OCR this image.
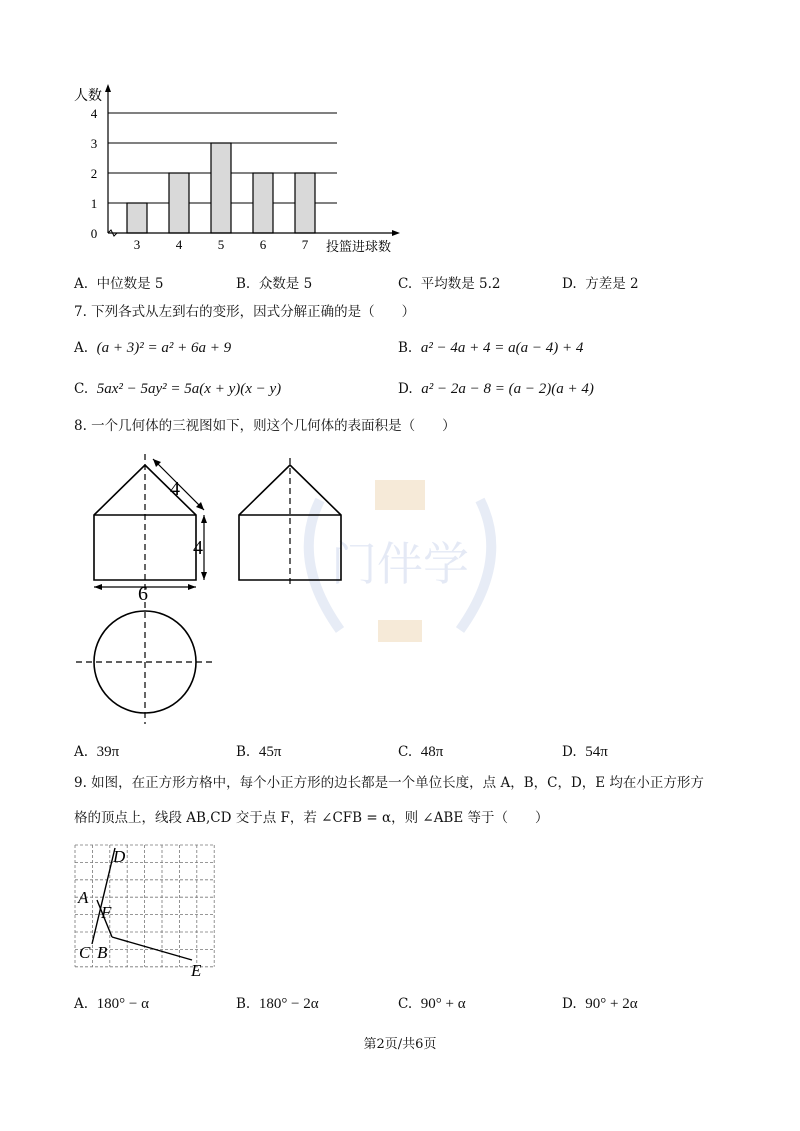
人数
投篮进球数
0
1
2
3
4
3	4	5	6	7
A. 中位数是 5	B. 众数是 5	C. 平均数是 5.2	D. 方差是 2
7. 下列各式从左到右的变形，因式分解正确的是（　　）
A. (a + 3)² = a² + 6a + 9	B. a² − 4a + 4 = a(a − 4) + 4
C. 5ax² − 5ay² = 5a(x + y)(x − y)	D. a² − 2a − 8 = (a − 2)(a + 4)
8. 一个几何体的三视图如下，则这个几何体的表面积是（　　）
门伴学
4
4
6
A. 39π	B. 45π	C. 48π	D. 54π
9. 如图，在正方形方格中，每个小正方形的边长都是一个单位长度，点 A，B，C，D，E 均在小正方形方
格的顶点上，线段 AB,CD 交于点 F，若 ∠CFB = α，则 ∠ABE 等于（　　）
D
A
F
C B
E
A. 180° − α	B. 180° − 2α	C. 90° + α	D. 90° + 2α
第2页/共6页
